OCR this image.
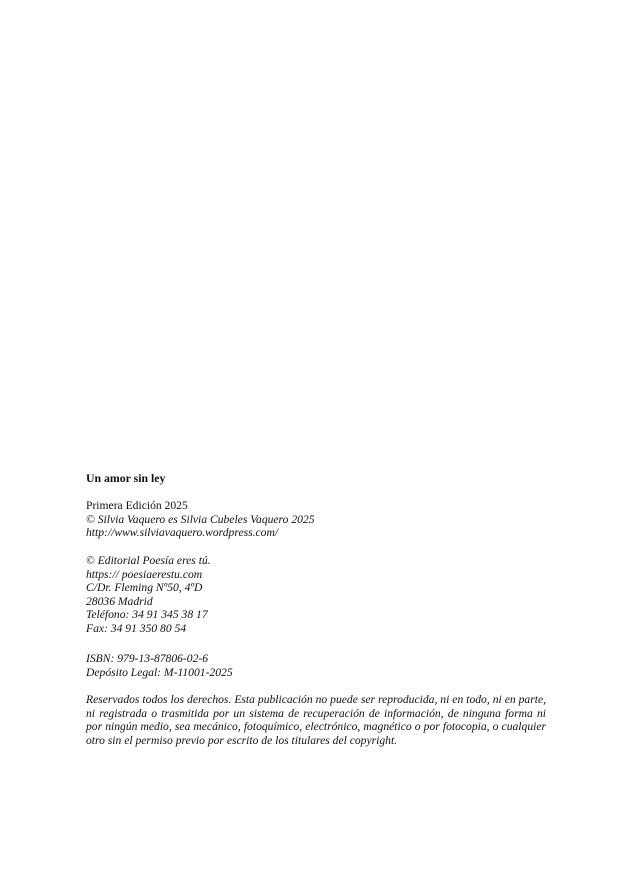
Un amor sin ley
Primera Edición 2025
© Silvia Vaquero es Silvia Cubeles Vaquero 2025
http://www.silviavaquero.wordpress.com/
© Editorial Poesía eres tú.
https:// poesiaerestu.com
C/Dr. Fleming Nº50, 4ºD
28036 Madrid
Teléfono: 34 91 345 38 17
Fax: 34 91 350 80 54
ISBN: 979-13-87806-02-6
Depósito Legal: M-11001-2025
Reservados todos los derechos. Esta publicación no puede ser reproducida, ni en todo, ni en parte, ni registrada o trasmitida por un sistema de recuperación de información, de ninguna forma ni por ningún medio, sea mecánico, fotoquímico, electrónico, magnético o por fotocopia, o cualquier otro sin el permiso previo por escrito de los titulares del copyright.
